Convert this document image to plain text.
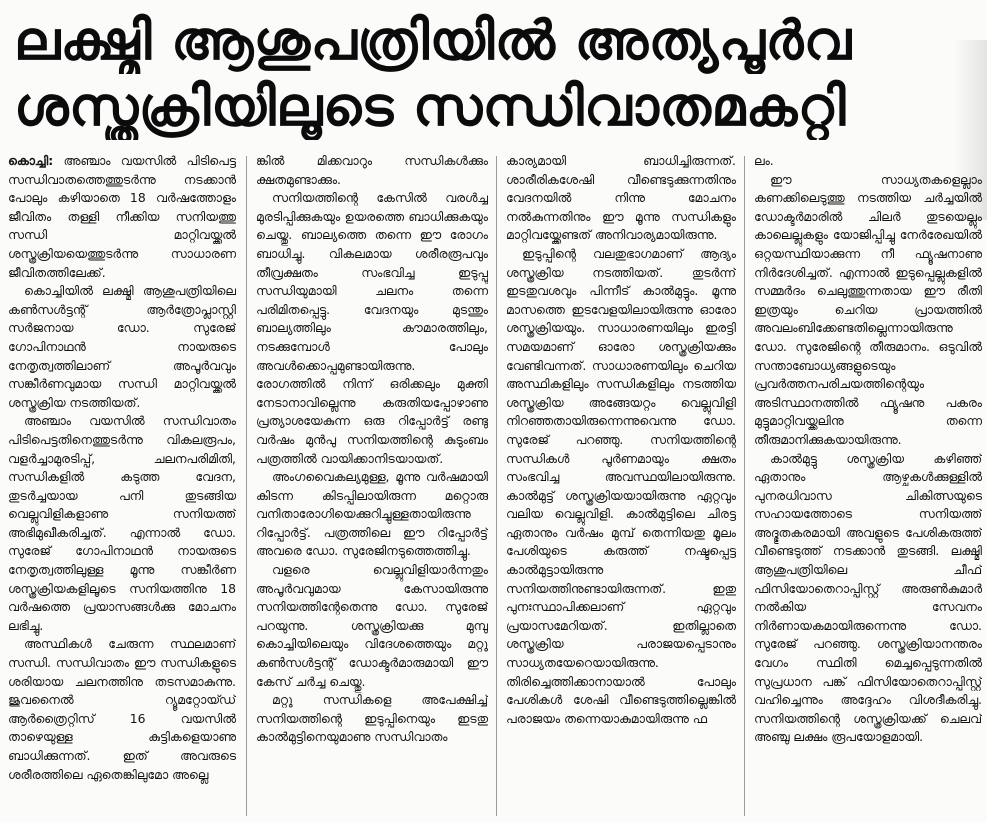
ലക്ഷ്മി ആശുപത്രിയിൽ അത്യപൂർവ
ശസ്ത്രക്രിയിലൂടെ സന്ധിവാതമകറ്റി

കൊച്ചി: അഞ്ചാം വയസിൽ പിടിപെട്ട സന്ധിവാതത്തെത്തുടർന്നു നടക്കാൻ പോലും കഴിയാതെ 18 വർഷത്തോളം ജീവിതം തള്ളി നീക്കിയ സനിയത്തു സന്ധി മാറ്റിവയ്ക്കൽ ശസ്ത്രക്രിയയെത്തുടർന്നു സാധാരണ ജീവിതത്തിലേക്ക്.

കൊച്ചിയിൽ ലക്ഷ്മി ആശുപത്രിയിലെ കൺസൾട്ടന്റ് ആർത്രോപ്ലാസ്റ്റി സർജനായ ഡോ. സുരേജ് ഗോപിനാഥൻ നായരുടെ നേതൃത്വത്തിലാണ് അപൂർവവും സങ്കീർണവുമായ സന്ധി മാറ്റിവയ്ക്കൽ ശസ്ത്രക്രിയ നടത്തിയത്.

അഞ്ചാം വയസിൽ സന്ധിവാതം പിടിപെട്ടതിനെത്തുടർന്നു വികലരൂപം, വളർച്ചാമുരടിപ്പ്, ചലനപരിമിതി, സന്ധികളിൽ കടുത്ത വേദന, തുടർച്ചയായ പനി തുടങ്ങിയ വെല്ലുവിളികളാണു സനിയത്ത് അഭിമുഖീകരിച്ചത്. എന്നാൽ ഡോ. സുരേജ് ഗോപിനാഥൻ നായരുടെ നേതൃത്വത്തിലുള്ള മൂന്നു സങ്കീർണ ശസ്ത്രക്രിയകളിലൂടെ സനിയത്തിനു 18 വർഷത്തെ പ്രയാസങ്ങൾക്കു മോചനം ലഭിച്ചു.

അസ്ഥികൾ ചേരുന്ന സ്ഥലമാണ് സന്ധി. സന്ധിവാതം ഈ സന്ധികളുടെ ശരിയായ ചലനത്തിനു തടസമാകുന്നു. ജുവനൈൽ റ്യൂമറ്റോയ്ഡ് ആർത്രൈറ്റിസ് 16 വയസിൽ താഴെയുള്ള കുട്ടികളെയാണു ബാധിക്കുന്നത്. ഇത് അവരുടെ ശരീരത്തിലെ ഏതെങ്കിലുമോ അല്ലെ

ങ്കിൽ മിക്കവാറും സന്ധികൾക്കും ക്ഷതമുണ്ടാക്കും.

സനിയത്തിന്റെ കേസിൽ വരൾച്ച മുരടിപ്പിക്കുകയും ഉയരത്തെ ബാധിക്കുകയും ചെയ്തു. ബാല്യത്തെ തന്നെ ഈ രോഗം ബാധിച്ചു. വികലമായ ശരീരരൂപവും തീവ്രക്ഷതം സംഭവിച്ച ഇടുപ്പു സന്ധിയുമായി ചലനം തന്നെ പരിമിതപ്പെട്ടു. വേദനയും മുടന്തും ബാല്യത്തിലും കൗമാരത്തിലും, നടക്കുമ്പോൾ പോലും അവൾക്കൊപ്പമുണ്ടായിരുന്നു. രോഗത്തിൽ നിന്ന് ഒരിക്കലും മുക്തി നേടാനാവില്ലെന്നു കരുതിയപ്പോഴാണു പ്രത്യാശയേകുന്ന ഒരു റിപ്പോർട്ട് രണ്ടു വർഷം മുൻപു സനിയത്തിന്റെ കുടുംബം പത്രത്തിൽ വായിക്കാനിടയായത്.

അംഗവൈകല്യമുള്ള, മൂന്നു വർഷമായി കിടന്ന കിടപ്പിലായിരുന്ന മറ്റൊരു വനിതാരോഗിയെക്കുറിച്ചുള്ളതായിരുന്നു റിപ്പോർട്ട്. പത്രത്തിലെ ഈ റിപ്പോർട്ട് അവരെ ഡോ. സുരേജിനടുത്തെത്തിച്ചു.

വളരെ വെല്ലുവിളിയാർന്നതും അപൂർവവുമായ കേസായിരുന്നു സനിയത്തിന്റേതെന്നു ഡോ. സുരേജ് പറയുന്നു. ശസ്ത്രക്രിയക്കു മുമ്പു കൊച്ചിയിലെയും വിദേശത്തെയും മറ്റു കൺസൾട്ടന്റ് ഡോക്ടർമാരുമായി ഈ കേസ് ചർച്ച ചെയ്തു.

മറ്റു സന്ധികളെ അപേക്ഷിച്ച് സനിയത്തിന്റെ ഇടുപ്പിനെയും ഇടതു കാൽമുട്ടിനെയുമാണു സന്ധിവാതം

കാര്യമായി ബാധിച്ചിരുന്നത്. ശാരീരികശേഷി വീണ്ടെടുക്കുന്നതിനും വേദനയിൽ നിന്നു മോചനം നൽകുന്നതിനും ഈ മൂന്നു സന്ധികളും മാറ്റിവയ്ക്കേണ്ടത് അനിവാര്യമായിരുന്നു.

ഇടുപ്പിന്റെ വലതുഭാഗമാണ് ആദ്യം ശസ്ത്രക്രിയ നടത്തിയത്. തുടർന്ന് ഇടതുവശവും പിന്നീട് കാൽമുട്ടും. മൂന്നു മാസത്തെ ഇടവേളയിലായിരുന്നു ഓരോ ശസ്ത്രക്രിയയും. സാധാരണയിലും ഇരട്ടി സമയമാണ് ഓരോ ശസ്ത്രക്രിയക്കും വേണ്ടിവന്നത്. സാധാരണയിലും ചെറിയ അസ്ഥികളിലും സന്ധികളിലും നടത്തിയ ശസ്ത്രക്രിയ അങ്ങേയറ്റം വെല്ലുവിളി നിറഞ്ഞതായിരുന്നെന്നുവെന്നു ഡോ. സുരേജ് പറഞ്ഞു. സനിയത്തിന്റെ സന്ധികൾ പൂർണമായും ക്ഷതം സംഭവിച്ച അവസ്ഥയിലായിരുന്നു. കാൽമുട്ട് ശസ്ത്രക്രിയയായിരുന്നു ഏറ്റവും വലിയ വെല്ലുവിളി. കാൽമുട്ടിലെ ചിരട്ട ഏതാനും വർഷം മുമ്പ് തെന്നിയതു മൂലം പേശിയുടെ കരുത്ത് നഷ്ടപ്പെട്ട കാൽമുട്ടായിരുന്നു സനിയത്തിനുണ്ടായിരുന്നത്. ഇതു പുനഃസ്ഥാപിക്കലാണ് ഏറ്റവും പ്രയാസമേറിയത്. ഇതില്ലാതെ ശസ്ത്രക്രിയ പരാജയപ്പെടാനും സാധ്യതയേറെയായിരുന്നു. തിരിച്ചെത്തിക്കാനായാൽ പോലും പേശികൾ ശേഷി വീണ്ടെടുത്തില്ലെങ്കിൽ പരാജയം തന്നെയാകുമായിരുന്നു ഫ

ലം.

ഈ സാധ്യതകളെല്ലാം കണക്കിലെടുത്തു നടത്തിയ ചർച്ചയിൽ ഡോക്ടർമാരിൽ ചിലർ തുടയെല്ലും കാലെല്ലുകളും യോജിപ്പിച്ചു നേർരേഖയിൽ ഒറ്റയസ്ഥിയാക്കുന്ന നീ ഫ്യൂഷനാണു നിർദേശിച്ചത്. എന്നാൽ ഇടുപ്പെല്ലുകളിൽ സമ്മർദം ചെലുത്തുന്നതായ ഈ രീതി ഇത്രയും ചെറിയ പ്രായത്തിൽ അവലംബിക്കേണ്ടതില്ലെന്നായിരുന്നു ഡോ. സുരേജിന്റെ തീരുമാനം. ഒടുവിൽ സന്താബോധ്യങ്ങളുടെയും പ്രവർത്തനപരിചയത്തിന്റെയും അടിസ്ഥാനത്തിൽ ഫ്യൂഷനു പകരം മുട്ടുമാറ്റിവയ്ക്കലിനു തന്നെ തീരുമാനിക്കുകയായിരുന്നു.

കാൽമുട്ടു ശസ്ത്രക്രിയ കഴിഞ്ഞ് ഏതാനും ആഴ്ചകൾക്കുള്ളിൽ പുനരധിവാസ ചികിത്സയുടെ സഹായത്തോടെ സനിയത്ത് അദ്ഭുതകരമായി അവളുടെ പേശികരുത്ത് വീണ്ടെടുത്ത് നടക്കാൻ തുടങ്ങി. ലക്ഷ്മി ആശുപത്രിയിലെ ചീഫ് ഫിസിയോതെറാപ്പിസ്റ്റ് അരുൺകുമാർ നൽകിയ സേവനം നിർണായകമായിരുന്നെന്നു ഡോ. സുരേജ് പറഞ്ഞു. ശസ്ത്രക്രിയാനന്തരം വേഗം സ്ഥിതി മെച്ചപ്പെടുന്നതിൽ സുപ്രധാന പങ്ക് ഫിസിയോതെറാപ്പിസ്റ്റ് വഹിച്ചെന്നും അദ്ദേഹം വിശദീകരിച്ചു. സനിയത്തിന്റെ ശസ്ത്രക്രിയക്ക് ചെലവ് അഞ്ചു ലക്ഷം രൂപയോളമായി.
